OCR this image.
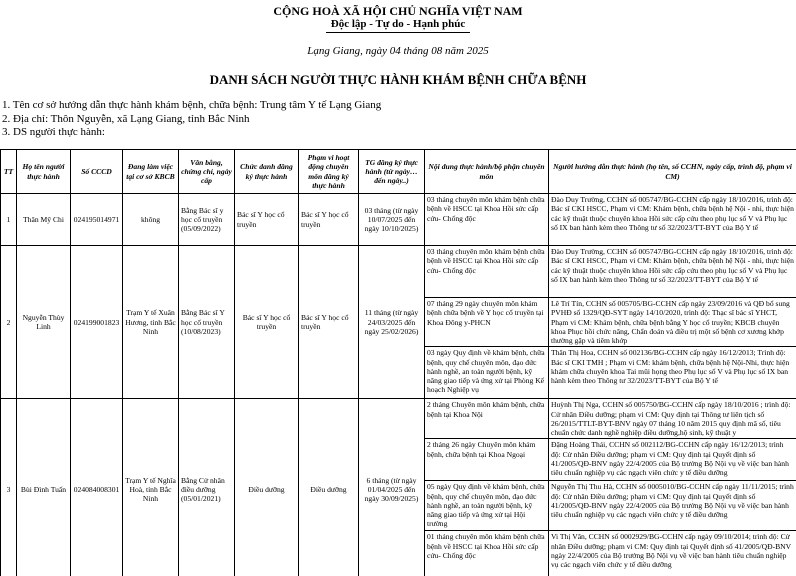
CỘNG HOÀ XÃ HỘI CHỦ NGHĨA VIỆT NAM
Độc lập - Tự do - Hạnh phúc
Lạng Giang, ngày 04 tháng 08 năm 2025
DANH SÁCH NGƯỜI THỰC HÀNH KHÁM BỆNH CHỮA BỆNH
1. Tên cơ sở hướng dẫn thực hành khám bệnh, chữa bệnh: Trung tâm Y tế Lạng Giang
2. Địa chỉ: Thôn Nguyễn, xã Lạng Giang, tỉnh Bắc Ninh
3. DS người thực hành:
TT	Họ tên người thực hành	Số CCCD	Đang làm việc tại cơ sở KBCB	Văn bằng, chứng chỉ, ngày cấp	Chức danh đăng ký thực hành	Phạm vi hoạt động chuyên môn đăng ký thực hành	TG đăng ký thực hành (từ ngày…đến ngày..)	Nội dung thực hành/bộ phận chuyên môn	Người hướng dẫn thực hành (họ tên, số CCHN, ngày cấp, trình độ, phạm vi CM)
1	Thân Mỹ Chi	024195014971	không	Bằng Bác sĩ y học cổ truyền (05/09/2022)	Bác sĩ Y học cổ truyền	Bác sĩ Y học cổ truyền	03 tháng (từ ngày 10/07/2025 đến ngày 10/10/2025)	03 tháng chuyên môn khám bệnh chữa bệnh về HSCC tại Khoa Hồi sức cấp cứu- Chống độc	Đào Duy Trường, CCHN số 005747/BG-CCHN cấp ngày 18/10/2016, trình độ: Bác sĩ CKI HSCC, Phạm vi CM: Khám bệnh, chữa bệnh hệ Nội - nhi, thực hiện các kỹ thuật thuộc chuyên khoa Hồi sức cấp cứu theo phụ lục số V và Phụ lục số IX ban hành kèm theo Thông tư số 32/2023/TT-BYT của Bộ Y tế
2	Nguyễn Thùy Linh	024199001823	Trạm Y tế Xuân Hương, tỉnh Bắc Ninh	Bằng Bác sĩ Y học cổ truyền (10/08/2023)	Bác sĩ Y học cổ truyền	Bác sĩ Y học cổ truyền	11 tháng (từ ngày 24/03/2025 đến ngày 25/02/2026)	03 tháng chuyên môn khám bệnh chữa bệnh về HSCC tại Khoa Hồi sức cấp cứu- Chống độc	Đào Duy Trường, CCHN số 005747/BG-CCHN cấp ngày 18/10/2016, trình độ: Bác sĩ CKI HSCC, Phạm vi CM: Khám bệnh, chữa bệnh hệ Nội - nhi, thực hiện các kỹ thuật thuộc chuyên khoa Hồi sức cấp cứu theo phụ lục số V và Phụ lục số IX ban hành kèm theo Thông tư số 32/2023/TT-BYT của Bộ Y tế
								07 tháng 29 ngày chuyên môn khám bệnh chữa bệnh về Y học cổ truyền tại Khoa Đông y-PHCN	Lê Trí Tín, CCHN số 005705/BG-CCHN cấp ngày 23/09/2016 và QĐ bổ sung PVHĐ số 1329/QĐ-SYT ngày 14/10/2020, trình độ: Thạc sĩ bác sĩ YHCT, Phạm vi CM: Khám bệnh, chữa bệnh bằng Y học cổ truyền; KBCB chuyên khoa Phục hồi chức năng, Chẩn đoán và điều trị một số bệnh cơ xương khớp thường gặp và tiêm khớp
								03 ngày Quy định về khám bệnh, chữa bệnh, quy chế chuyên môn, đạo đức hành nghề, an toàn người bệnh, kỹ năng giao tiếp và ứng xử tại Phòng Kế hoạch Nghiệp vụ	Thân Thị Hoa, CCHN số 002136/BG-CCHN cấp ngày 16/12/2013; Trình độ: Bác sĩ CKI TMH ; Phạm vi CM: khám bệnh, chữa bệnh hệ Nội-Nhi, thực hiện khám chữa chuyên khoa Tai mũi họng theo Phụ lục số V và Phụ lục số IX ban hành kèm theo Thông tư 32/2023/TT-BYT của Bộ Y tế
3	Bùi Đình Tuấn	024084008301	Trạm Y tế Nghĩa Hoà, tỉnh Bắc Ninh	Bằng Cử nhân điều dưỡng (05/01/2021)	Điều dưỡng	Điều dưỡng	6 tháng (từ ngày 01/04/2025 đến ngày 30/09/2025)	2 tháng Chuyên môn khám bệnh, chữa bệnh tại Khoa Nội	Huỳnh Thị Nga, CCHN số 005750/BG-CCHN cấp ngày 18/10/2016 ; trình độ: Cử nhân Điều dưỡng; phạm vi CM: Quy định tại Thông tư liên tịch số 26/2015/TTLT-BYT-BNV ngày 07 tháng 10 năm 2015 quy định mã số, tiêu chuẩn chức danh nghề nghiệp điều dưỡng,hộ sinh, kỹ thuật y
								2 tháng 26 ngày Chuyên môn khám bệnh, chữa bệnh tại Khoa Ngoại	Đặng Hoàng Thái, CCHN số 002112/BG-CCHN cấp ngày 16/12/2013; trình độ: Cử nhân Điều dưỡng; phạm vi CM: Quy định tại Quyết định số 41/2005/QĐ-BNV ngày 22/4/2005 của Bộ trưởng Bộ Nội vụ về việc ban hành tiêu chuẩn nghiệp vụ các ngạch viên chức y tế điều dưỡng
								05 ngày Quy định về khám bệnh, chữa bệnh, quy chế chuyên môn, đạo đức hành nghề, an toàn người bệnh, kỹ năng giao tiếp và ứng xử tại Hội trường	Nguyễn Thị Thu Hà, CCHN số 0005010/BG-CCHN cấp ngày 11/11/2015; trình độ: Cử nhân Điều dưỡng; phạm vi CM: Quy định tại Quyết định số 41/2005/QĐ-BNV ngày 22/4/2005 của Bộ trưởng Bộ Nội vụ về việc ban hành tiêu chuẩn nghiệp vụ các ngạch viên chức y tế điều dưỡng
								01 tháng chuyên môn khám bệnh chữa bệnh về HSCC tại Khoa Hồi sức cấp cứu- Chống độc	Vi Thị Vân, CCHN số 0002929/BG-CCHN cấp ngày 09/10/2014; trình độ: Cử nhân Điều dưỡng; phạm vi CM: Quy định tại Quyết định số 41/2005/QĐ-BNV ngày 22/4/2005 của Bộ trưởng Bộ Nội vụ về việc ban hành tiêu chuẩn nghiệp vụ các ngạch viên chức y tế điều dưỡng
